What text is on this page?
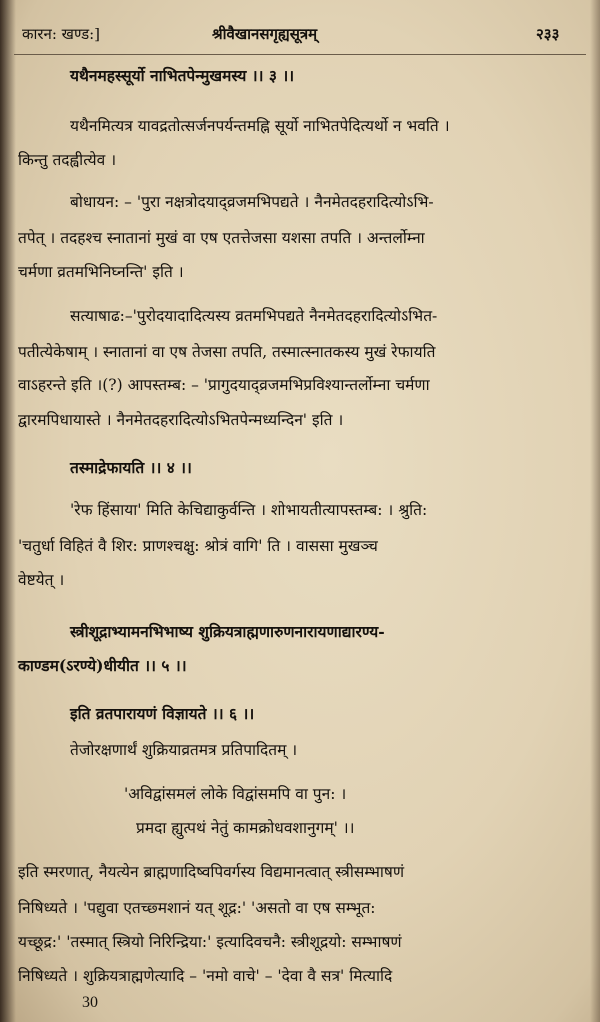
कारन: खण्ड:]	श्रीवैखानसगृह्यसूत्रम्	२३३
यथैनमहस्सूर्यो नाभितपेन्मुखमस्य ।। ३ ।।
यथैनमित्यत्र यावद्रतोत्सर्जनपर्यन्तमह्नि सूर्यो नाभितपेदित्यर्थो न भवति ।
किन्तु तदह्वीत्येव ।
बोधायन: – 'पुरा नक्षत्रोदयाद्व्रजमभिपद्यते । नैनमेतदहरादित्योऽभि-
तपेत् । तदहश्च स्नातानां मुखं वा एष एतत्तेजसा यशसा तपति । अन्तर्लोम्ना
चर्मणा व्रतमभिनिघ्नन्ति' इति ।
सत्याषाढ:–'पुरोदयादादित्यस्य व्रतमभिपद्यते नैनमेतदहरादित्योऽभित-
पतीत्येकेषाम् । स्नातानां वा एष तेजसा तपति, तस्मात्स्नातकस्य मुखं रेफायति
वाऽहरन्ते इति ।(?) आपस्तम्ब: – 'प्रागुदयाद्व्रजमभिप्रविश्यान्तर्लोम्ना चर्मणा
द्वारमपिधायास्ते । नैनमेतदहरादित्योऽभितपेन्मध्यन्दिन' इति ।
तस्माद्रेफायति ।। ४ ।।
'रेफ हिंसाया' मिति केचिद्याकुर्वन्ति । शोभायतीत्यापस्तम्ब: । श्रुति:
'चतुर्धा विहितं वै शिर: प्राणश्चक्षु: श्रोत्रं वागि' ति । वाससा मुखञ्च
वेष्टयेत् ।
स्त्रीशूद्राभ्यामनभिभाष्य शुक्रियत्राह्मणारुणनारायणाद्यारण्य-
काण्डम(ऽरण्ये)धीयीत ।। ५ ।।
इति व्रतपारायणं विज्ञायते ।। ६ ।।
तेजोरक्षणार्थं शुक्रियाव्रतमत्र प्रतिपादितम् ।
'अविद्वांसमलं लोके विद्वांसमपि वा पुन: ।
प्रमदा ह्युत्पथं नेतुं कामक्रोधवशानुगम्' ।।
इति स्मरणात्, नैयत्येन ब्राह्मणादिष्वपिवर्गस्य विद्यमानत्वात् स्त्रीसम्भाषणं
निषिध्यते । 'पद्युवा एतच्छ्मशानं यत् शूद्र:' 'असतो वा एष सम्भूत:
यच्छूद्र:' 'तस्मात् स्त्रियो निरिन्द्रिया:' इत्यादिवचनै: स्त्रीशूद्रयो: सम्भाषणं
निषिध्यते । शुक्रियत्राह्मणेत्यादि – 'नमो वाचे' – 'देवा वै सत्र' मित्यादि
30
